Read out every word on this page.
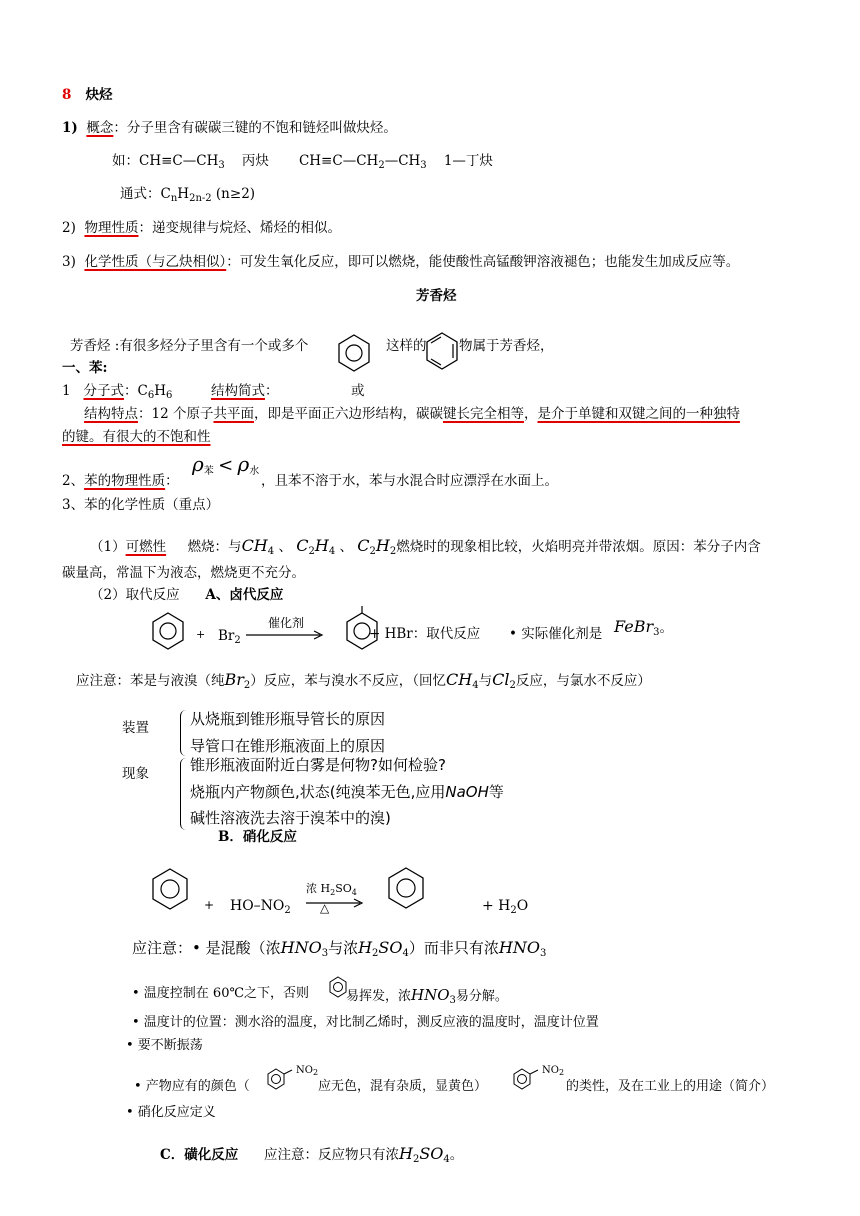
8 炔烃
1) 概念：分子里含有碳碳三键的不饱和链烃叫做炔烃。
如：$CH\equiv C—CH_3$ 丙炔 $CH\equiv C—CH_2—CH_3$ 1—丁炔
通式：$C_nH_{2n-2}$ (n≥2)
2) 物理性质：递变规律与烷烃、烯烃的相似。
3) 化学性质（与乙炔相似）：可发生氧化反应，即可以燃烧，能使酸性高锰酸钾溶液褪色；也能发生加成反应等。
芳香烃
芳香烃 :有很多烃分子里含有一个或多个	这样的 物属于芳香烃，
一、苯:
1 分子式：$C_6H_6$	结构简式：	或
结构特点：12 个原子共平面，即是平面正六边形结构，碳碳键长完全相等，是介于单键和双键之间的一种独特
的键。有很大的不饱和性
$\rho_苯 < \rho_水$
2、苯的物理性质：	，且苯不溶于水，苯与水混合时应漂浮在水面上。
3、苯的化学性质（重点）
（1）可燃性 燃烧：与$CH_4$ 、 $C_2H_4$ 、 $C_2H_2$燃烧时的现象相比较，火焰明亮并带浓烟。原因：苯分子内含
碳量高，常温下为液态，燃烧更不充分。
（2）取代反应 A、卤代反应
+ $Br_2$
催化剂
+ HBr：取代反应 • 实际催化剂是 FeBr$_3$。
应注意：苯是与液溴（纯$Br_2$）反应，苯与溴水不反应，（回忆$CH_4$与$Cl_2$反应，与氯水不反应）
装置
现象
从烧瓶到锥形瓶导管长的原因
导管口在锥形瓶液面上的原因
锥形瓶液面附近白雾是何物?如何检验?
烧瓶内产物颜色,状态(纯溴苯无色,应用NaOH等
碱性溶液洗去溶于溴苯中的溴)
B．硝化反应
+ $HO-NO_2$
浓 $H_2SO_4$
△	+ $H_2O$
应注意：• 是混酸（浓$HNO_3$与浓$H_2SO_4$）而非只有浓$HNO_3$
• 温度控制在 60℃之下，否则	易挥发，浓$HNO_3$易分解。
• 温度计的位置：测水浴的温度，对比制乙烯时，测反应液的温度时，温度计位置
• 要不断振荡
• 产物应有的颜色（
$NO_2$
应无色，混有杂质，显黄色）
$NO_2$
的类性，及在工业上的用途（简介）
• 硝化反应定义
C．磺化反应 应注意：反应物只有浓$H_2SO_4$。
